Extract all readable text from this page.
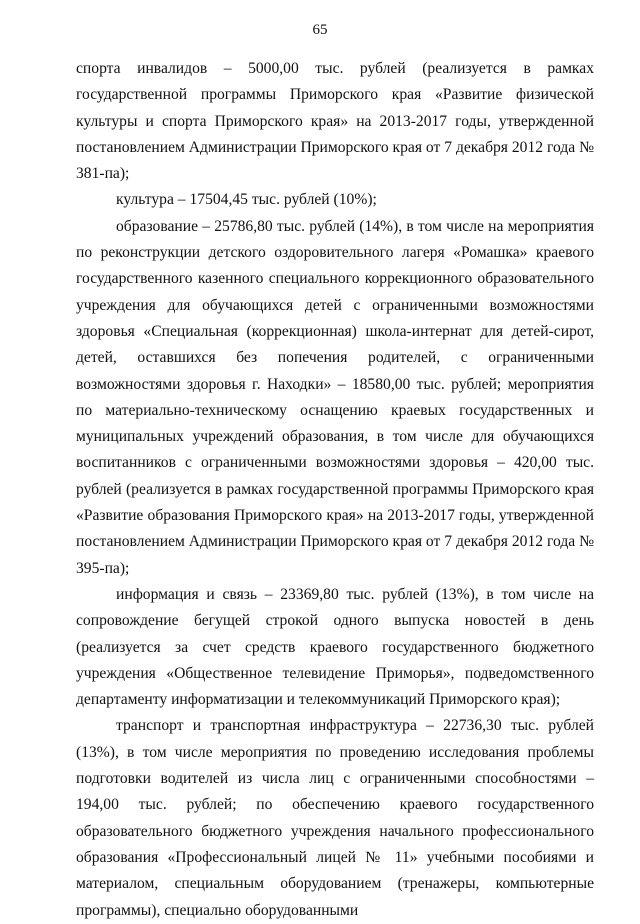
65

спорта инвалидов – 5000,00 тыс. рублей (реализуется в рамках государственной программы Приморского края «Развитие физической культуры и спорта Приморского края» на 2013-2017 годы, утвержденной постановлением Администрации Приморского края от 7 декабря 2012 года № 381-па);

культура – 17504,45 тыс. рублей (10%);

образование – 25786,80 тыс. рублей (14%), в том числе на мероприятия по реконструкции детского оздоровительного лагеря «Ромашка» краевого государственного казенного специального коррекционного образовательного учреждения для обучающихся детей с ограниченными возможностями здоровья «Специальная (коррекционная) школа-интернат для детей-сирот, детей, оставшихся без попечения родителей, с ограниченными возможностями здоровья г. Находки» – 18580,00 тыс. рублей; мероприятия по материально-техническому оснащению краевых государственных и муниципальных учреждений образования, в том числе для обучающихся воспитанников с ограниченными возможностями здоровья – 420,00 тыс. рублей (реализуется в рамках государственной программы Приморского края «Развитие образования Приморского края» на 2013-2017 годы, утвержденной постановлением Администрации Приморского края от 7 декабря 2012 года № 395-па);

информация и связь – 23369,80 тыс. рублей (13%), в том числе на сопровождение бегущей строкой одного выпуска новостей в день (реализуется за счет средств краевого государственного бюджетного учреждения «Общественное телевидение Приморья», подведомственного департаменту информатизации и телекоммуникаций Приморского края);

транспорт и транспортная инфраструктура – 22736,30 тыс. рублей (13%), в том числе мероприятия по проведению исследования проблемы подготовки водителей из числа лиц с ограниченными способностями – 194,00 тыс. рублей; по обеспечению краевого государственного образовательного бюджетного учреждения начального профессионального образования «Профессиональный лицей № 11» учебными пособиями и материалом, специальным оборудованием (тренажеры, компьютерные программы), специально оборудованными
